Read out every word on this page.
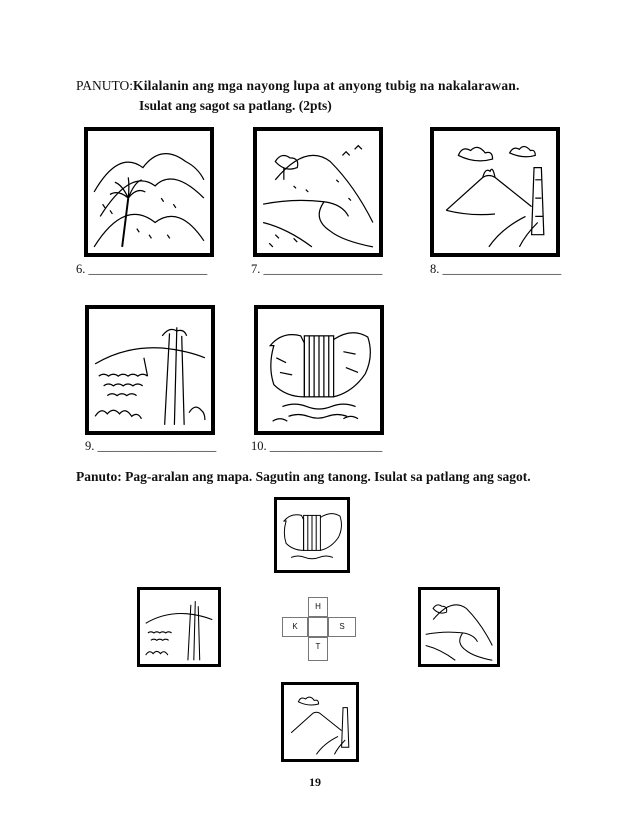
PANUTO:Kilalanin ang mga nayong lupa at anyong tubig na nakalarawan.
Isulat ang sagot sa patlang. (2pts)
6. ___________________	7. ___________________	8. ___________________
9. ___________________	10. __________________
Panuto: Pag-aralan ang mapa. Sagutin ang tanong. Isulat sa patlang ang sagot.
H
K	S
T
19
